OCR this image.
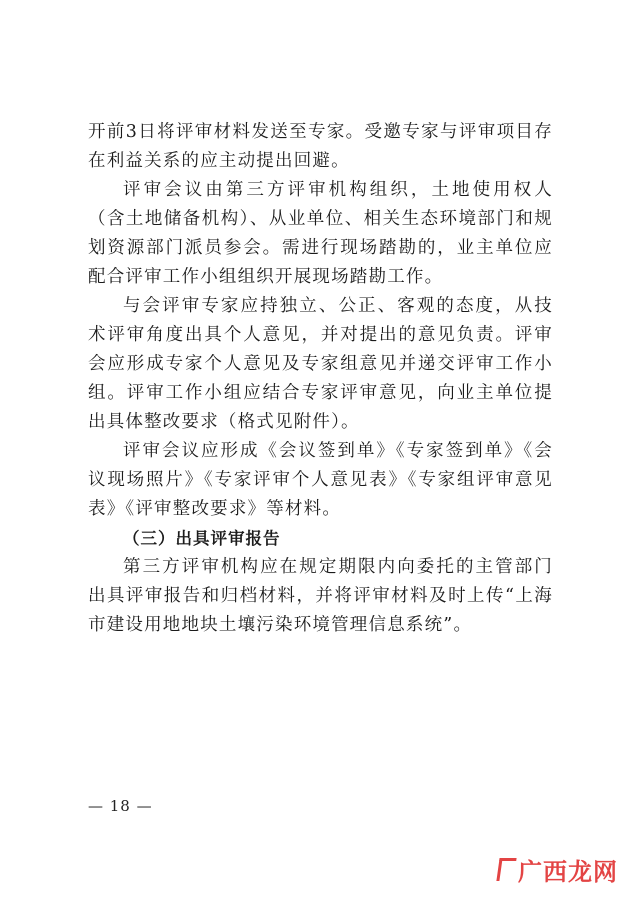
开前3日将评审材料发送至专家。受邀专家与评审项目存在利益关系的应主动提出回避。

评审会议由第三方评审机构组织，土地使用权人（含土地储备机构）、从业单位、相关生态环境部门和规划资源部门派员参会。需进行现场踏勘的，业主单位应配合评审工作小组组织开展现场踏勘工作。

与会评审专家应持独立、公正、客观的态度，从技术评审角度出具个人意见，并对提出的意见负责。评审会应形成专家个人意见及专家组意见并递交评审工作小组。评审工作小组应结合专家评审意见，向业主单位提出具体整改要求（格式见附件）。

评审会议应形成《会议签到单》《专家签到单》《会议现场照片》《专家评审个人意见表》《专家组评审意见表》《评审整改要求》等材料。

（三）出具评审报告

第三方评审机构应在规定期限内向委托的主管部门出具评审报告和归档材料，并将评审材料及时上传“上海市建设用地地块土壤污染环境管理信息系统”。

— 18 —
广西龙网
